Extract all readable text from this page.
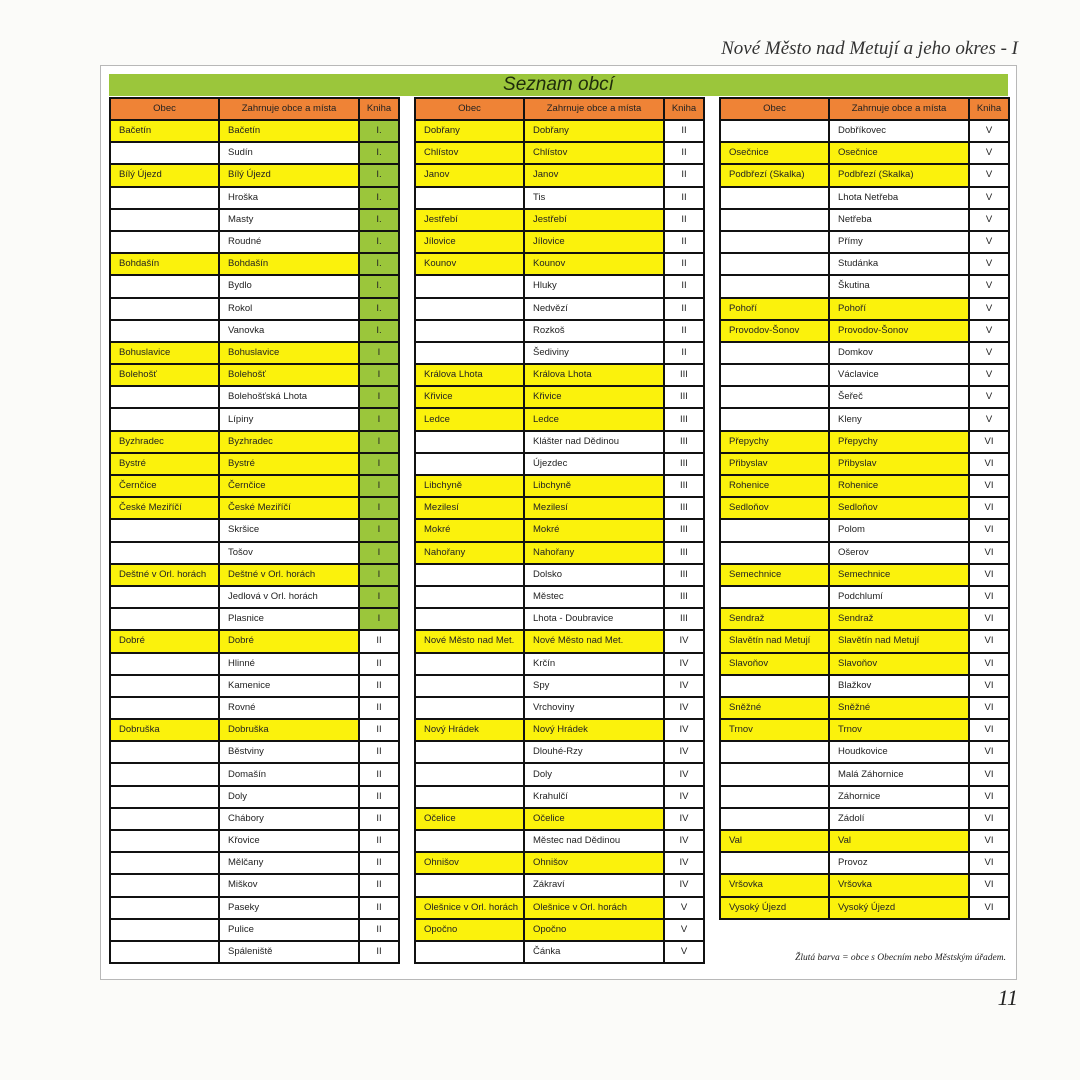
Nové Město nad Metují a jeho okres - I
Seznam obcí
Obec	Zahrnuje obce a místa	Kniha
Bačetín	Bačetín	I.
	Sudín	I.
Bílý Újezd	Bílý Újezd	I.
	Hroška	I.
	Masty	I.
	Roudné	I.
Bohdašín	Bohdašín	I.
	Bydlo	I.
	Rokol	I.
	Vanovka	I.
Bohuslavice	Bohuslavice	I
Bolehošť	Bolehošť	I
	Bolehošťská Lhota	I
	Lípiny	I
Byzhradec	Byzhradec	I
Bystré	Bystré	I
Černčice	Černčice	I
České Meziříčí	České Meziříčí	I
	Skršice	I
	Tošov	I
Deštné v Orl. horách	Deštné v Orl. horách	I
	Jedlová v Orl. horách	I
	Plasnice	I
Dobré	Dobré	II
	Hlinné	II
	Kamenice	II
	Rovné	II
Dobruška	Dobruška	II
	Běstviny	II
	Domašín	II
	Doly	II
	Chábory	II
	Křovice	II
	Mělčany	II
	Miškov	II
	Paseky	II
	Pulice	II
	Spáleniště	II
Obec	Zahrnuje obce a místa	Kniha
Dobřany	Dobřany	II
Chlístov	Chlístov	II
Janov	Janov	II
	Tis	II
Jestřebí	Jestřebí	II
Jílovice	Jílovice	II
Kounov	Kounov	II
	Hluky	II
	Nedvězí	II
	Rozkoš	II
	Šediviny	II
Králova Lhota	Králova Lhota	III
Křivice	Křivice	III
Ledce	Ledce	III
	Klášter nad Dědinou	III
	Újezdec	III
Libchyně	Libchyně	III
Mezilesí	Mezilesí	III
Mokré	Mokré	III
Nahořany	Nahořany	III
	Dolsko	III
	Městec	III
	Lhota - Doubravice	III
Nové Město nad Met.	Nové Město nad Met.	IV
	Krčín	IV
	Spy	IV
	Vrchoviny	IV
Nový Hrádek	Nový Hrádek	IV
	Dlouhé-Rzy	IV
	Doly	IV
	Krahulčí	IV
Očelice	Očelice	IV
	Městec nad Dědinou	IV
Ohnišov	Ohnišov	IV
	Zákraví	IV
Olešnice v Orl. horách	Olešnice v Orl. horách	V
Opočno	Opočno	V
	Čánka	V
Obec	Zahrnuje obce a místa	Kniha
	Dobříkovec	V
Osečnice	Osečnice	V
Podbřezí (Skalka)	Podbřezí (Skalka)	V
	Lhota Netřeba	V
	Netřeba	V
	Přímy	V
	Studánka	V
	Škutina	V
Pohoří	Pohoří	V
Provodov-Šonov	Provodov-Šonov	V
	Domkov	V
	Václavice	V
	Šeřeč	V
	Kleny	V
Přepychy	Přepychy	VI
Přibyslav	Přibyslav	VI
Rohenice	Rohenice	VI
Sedloňov	Sedloňov	VI
	Polom	VI
	Ošerov	VI
Semechnice	Semechnice	VI
	Podchlumí	VI
Sendraž	Sendraž	VI
Slavětín nad Metují	Slavětín nad Metují	VI
Slavoňov	Slavoňov	VI
	Blažkov	VI
Sněžné	Sněžné	VI
Trnov	Trnov	VI
	Houdkovice	VI
	Malá Záhornice	VI
	Záhornice	VI
	Zádolí	VI
Val	Val	VI
	Provoz	VI
Vršovka	Vršovka	VI
Vysoký Újezd	Vysoký Újezd	VI
Žlutá barva = obce s Obecním nebo Městským úřadem.
11
